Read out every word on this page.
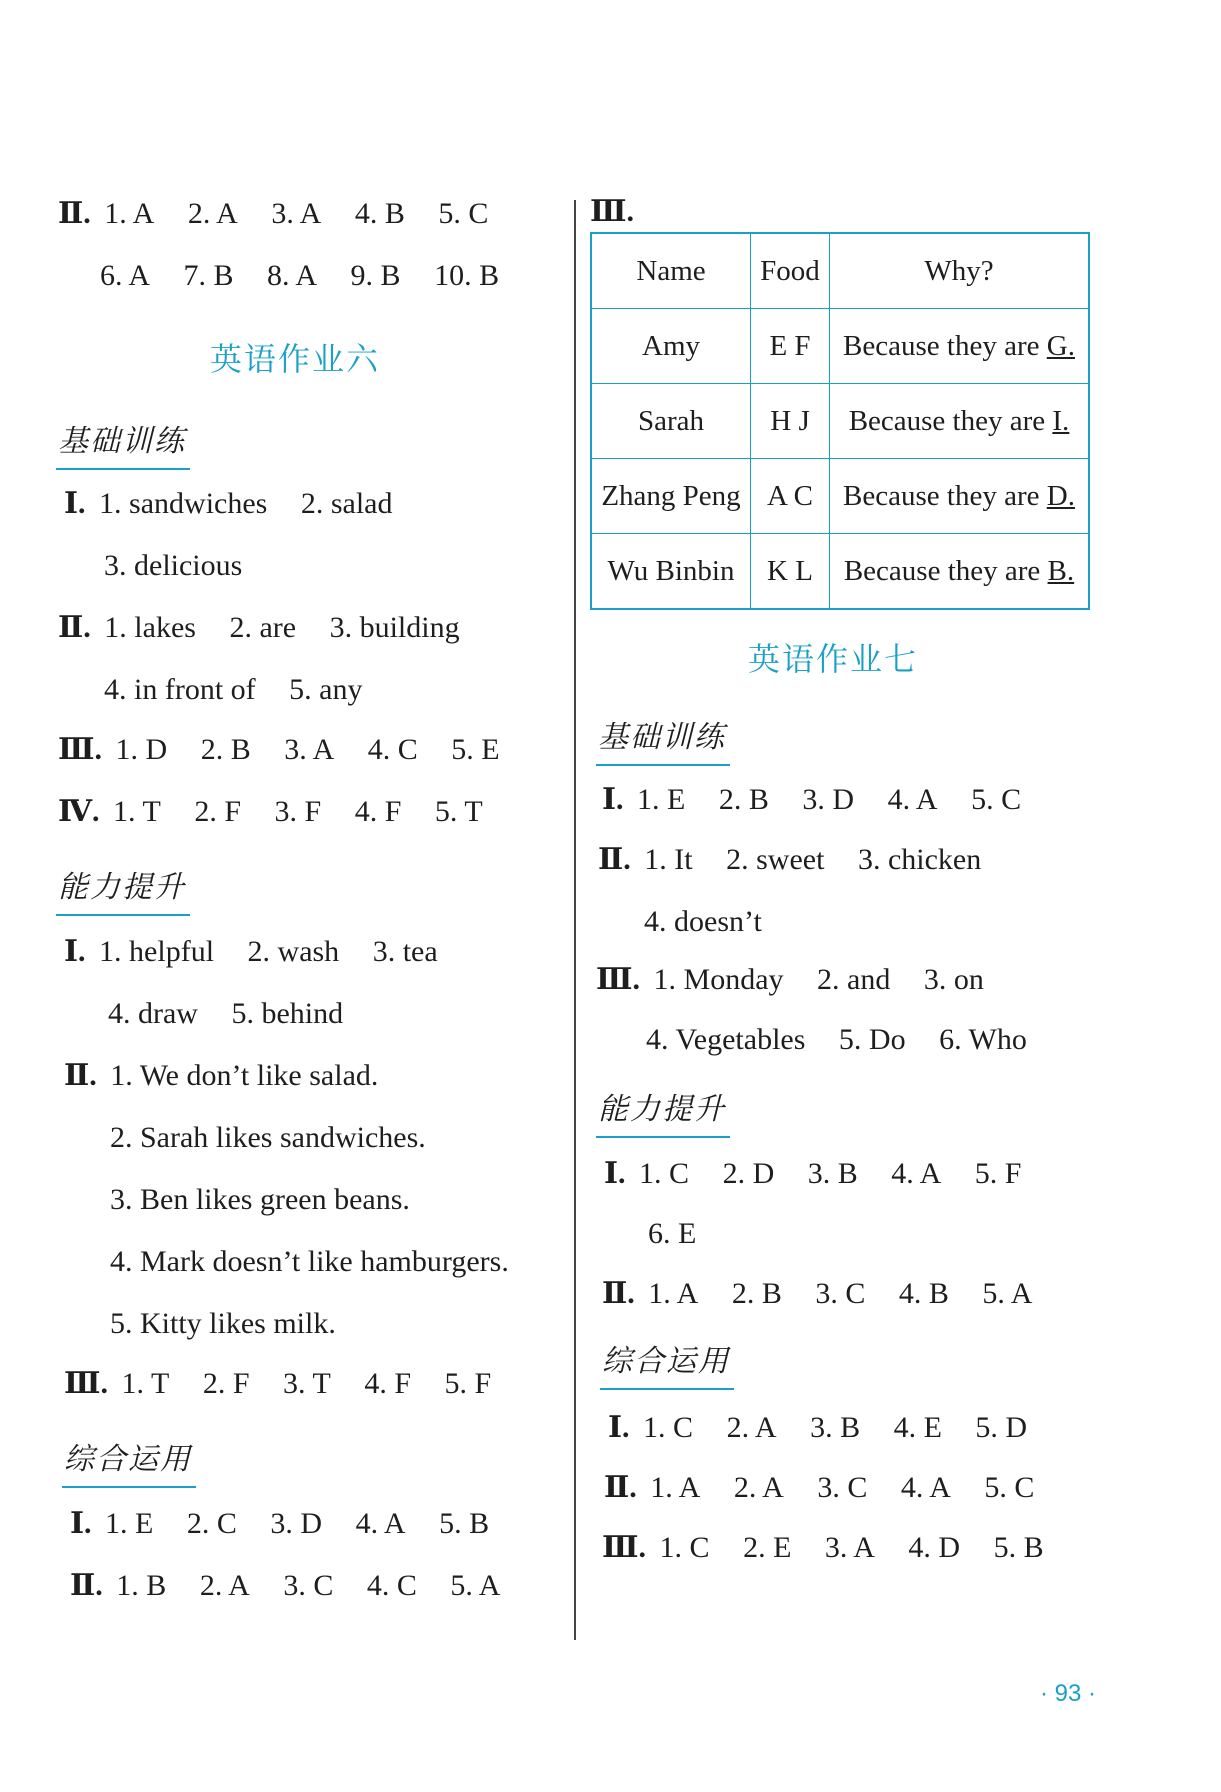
Ⅱ. 1. A 2. A 3. A 4. B 5. C
6. A 7. B 8. A 9. B 10. B
英语作业六
基础训练
Ⅰ. 1. sandwiches 2. salad
3. delicious
Ⅱ. 1. lakes 2. are 3. building
4. in front of 5. any
Ⅲ. 1. D 2. B 3. A 4. C 5. E
Ⅳ. 1. T 2. F 3. F 4. F 5. T
能力提升
Ⅰ. 1. helpful 2. wash 3. tea
4. draw 5. behind
Ⅱ. 1. We don’t like salad.
2. Sarah likes sandwiches.
3. Ben likes green beans.
4. Mark doesn’t like hamburgers.
5. Kitty likes milk.
Ⅲ. 1. T 2. F 3. T 4. F 5. F
综合运用
Ⅰ. 1. E 2. C 3. D 4. A 5. B
Ⅱ. 1. B 2. A 3. C 4. C 5. A
Ⅲ.
Name	Food	Why?
Amy	E F	Because they are G.
Sarah	H J	Because they are I.
Zhang Peng	A C	Because they are D.
Wu Binbin	K L	Because they are B.
英语作业七
基础训练
Ⅰ. 1. E 2. B 3. D 4. A 5. C
Ⅱ. 1. It 2. sweet 3. chicken
4. doesn’t
Ⅲ. 1. Monday 2. and 3. on
4. Vegetables 5. Do 6. Who
能力提升
Ⅰ. 1. C 2. D 3. B 4. A 5. F
6. E
Ⅱ. 1. A 2. B 3. C 4. B 5. A
综合运用
Ⅰ. 1. C 2. A 3. B 4. E 5. D
Ⅱ. 1. A 2. A 3. C 4. A 5. C
Ⅲ. 1. C 2. E 3. A 4. D 5. B
· 93 ·
